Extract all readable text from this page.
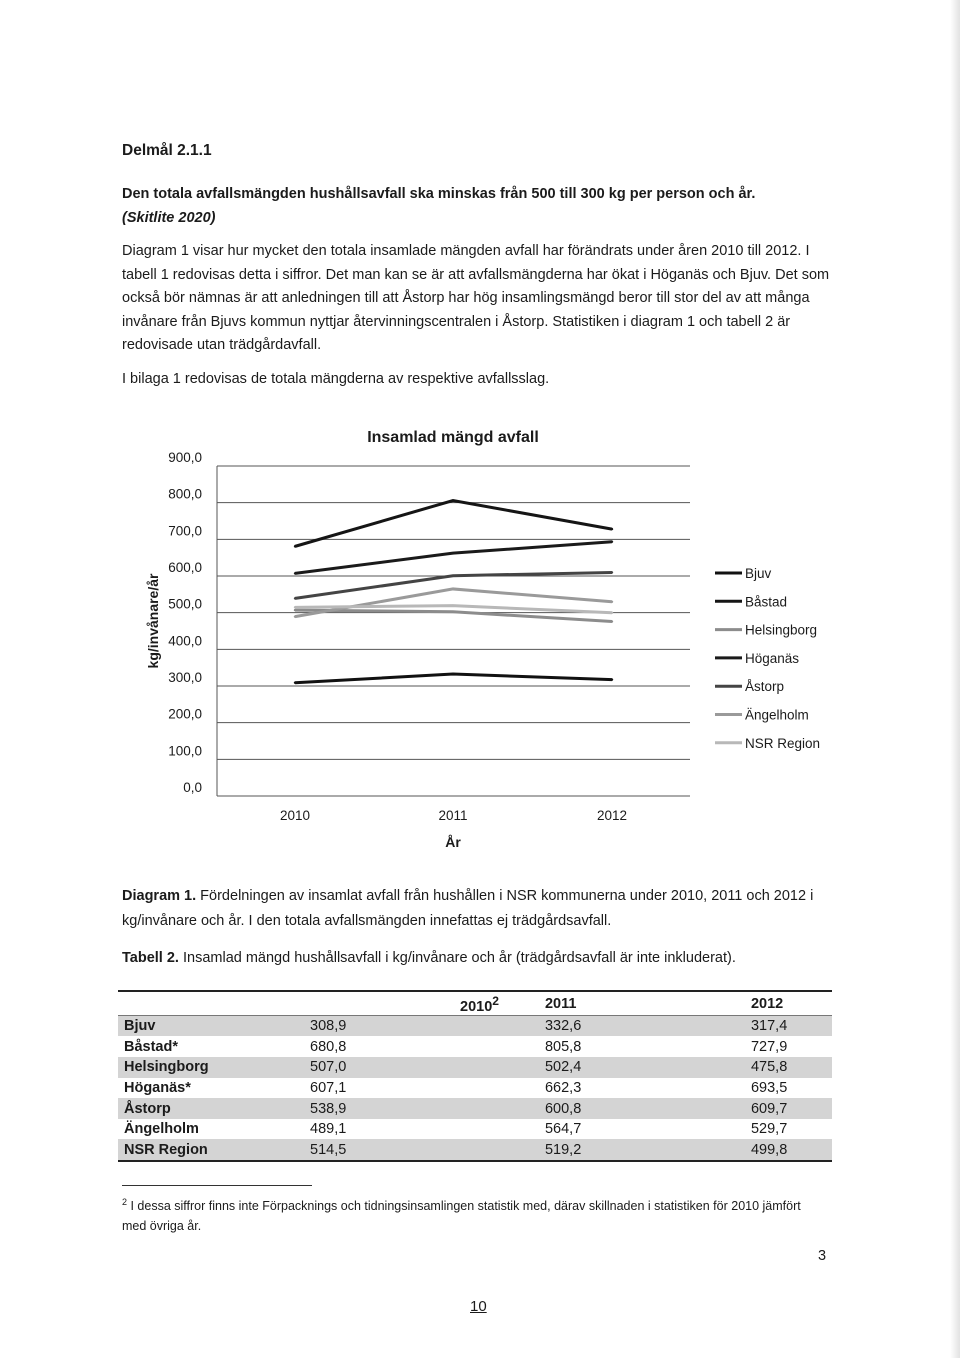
Delmål 2.1.1
Den totala avfallsmängden hushållsavfall ska minskas från 500 till 300 kg per person och år.
(Skitlite 2020)

Diagram 1 visar hur mycket den totala insamlade mängden avfall har förändrats under åren 2010 till 2012. I tabell 1 redovisas detta i siffror. Det man kan se är att avfallsmängderna har ökat i Höganäs och Bjuv. Det som också bör nämnas är att anledningen till att Åstorp har hög insamlingsmängd beror till stor del av att många invånare från Bjuvs kommun nyttjar återvinningscentralen i Åstorp. Statistiken i diagram 1 och tabell 2 är redovisade utan trädgårdavfall.

I bilaga 1 redovisas de totala mängderna av respektive avfallsslag.

Insamlad mängd avfall
0,0
100,0
200,0
300,0
400,0
500,0
600,0
700,0
800,0
900,0
kg/invånare/år
2010	2011	2012
År
Bjuv
Båstad
Helsingborg
Höganäs
Åstorp
Ängelholm
NSR Region
Diagram 1. Fördelningen av insamlat avfall från hushållen i NSR kommunerna under 2010, 2011 och 2012 i kg/invånare och år. I den totala avfallsmängden innefattas ej trädgårdsavfall.
Tabell 2. Insamlad mängd hushållsavfall i kg/invånare och år (trädgårdsavfall är inte inkluderat).
	2010$^2$	2011	2012
Bjuv	308,9	332,6	317,4
Båstad*	680,8	805,8	727,9
Helsingborg	507,0	502,4	475,8
Höganäs*	607,1	662,3	693,5
Åstorp	538,9	600,8	609,7
Ängelholm	489,1	564,7	529,7
NSR Region	514,5	519,2	499,8
$^2$ I dessa siffror finns inte Förpacknings och tidningsinsamlingen statistik med, därav skillnaden i statistiken för 2010 jämfört med övriga år.
3
10
